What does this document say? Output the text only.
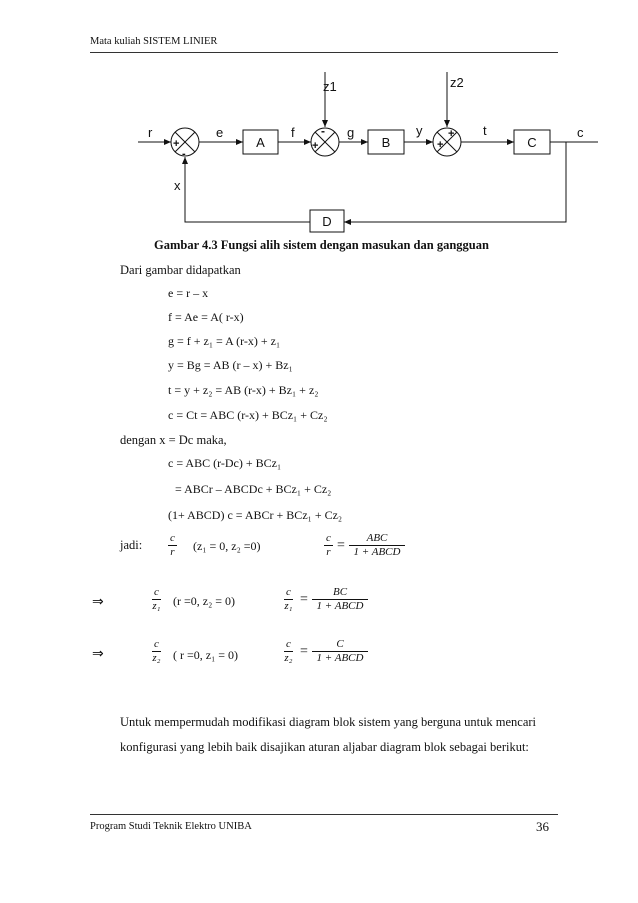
Mata kuliah SISTEM LINIER
A	B	C
D
r	e	f	g	y	t	c
x
z1	z2
+
-
-
+
+
+
Gambar 4.3 Fungsi alih sistem dengan masukan dan gangguan
Dari gambar didapatkan
e = r – x
f = Ae = A( r-x)
g = f + z₁ = A (r-x) + z₁
y = Bg = AB (r – x) + Bz₁
t = y + z₂ = AB (r-x) + Bz₁ + z₂
c = Ct = ABC (r-x) + BCz₁ + Cz₂
dengan x = Dc maka,
c = ABC (r-Dc) + BCz₁
= ABCr – ABCDc + BCz₁ + Cz₂
(1+ ABCD) c = ABCr + BCz₁ + Cz₂
jadi: $\frac{c}{r} (z_1 = 0$, z₂ =0)	$\frac{c}{r}$ =	ABC
1 + ABCD
⇒	$\frac{c}{\text{z₁}} (r =0$, z₂ = 0)	$\frac{c}{\text{z₁}}$ =	BC
1 + ABCD
⇒	$\frac{c}{\text{z₂}}$ ( r =0, z₁ = 0)	$\frac{c}{\text{z₂}}$ =	C
1 + ABCD
Untuk mempermudah modifikasi diagram blok sistem yang berguna untuk mencari
konfigurasi yang lebih baik disajikan aturan aljabar diagram blok sebagai berikut:
Program Studi Teknik Elektro UNIBA	36
